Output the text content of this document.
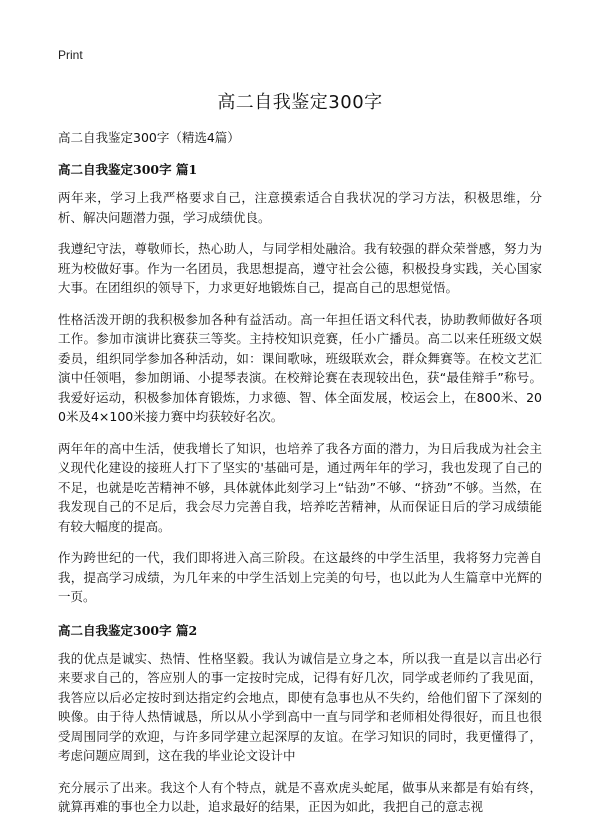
Print

高二自我鉴定300字

高二自我鉴定300字（精选4篇）

高二自我鉴定300字 篇1

两年来，学习上我严格要求自己，注意摸索适合自我状况的学习方法，积极思维，分析、解决问题潜力强，学习成绩优良。

我遵纪守法，尊敬师长，热心助人，与同学相处融洽。我有较强的群众荣誉感，努力为班为校做好事。作为一名团员，我思想提高，遵守社会公德，积极投身实践，关心国家大事。在团组织的领导下，力求更好地锻炼自己，提高自己的思想觉悟。

性格活泼开朗的我积极参加各种有益活动。高一年担任语文科代表，协助教师做好各项工作。参加市演讲比赛获三等奖。主持校知识竞赛，任小广播员。高二以来任班级文娱委员，组织同学参加各种活动，如：课间歌咏，班级联欢会，群众舞赛等。在校文艺汇演中任领唱，参加朗诵、小提琴表演。在校辩论赛在表现较出色，获“最佳辩手”称号。我爱好运动，积极参加体育锻炼，力求德、智、体全面发展，校运会上，在800米、200米及4×100米接力赛中均获较好名次。

两年年的高中生活，使我增长了知识，也培养了我各方面的潜力，为日后我成为社会主义现代化建设的接班人打下了坚实的'基础可是，通过两年年的学习，我也发现了自己的不足，也就是吃苦精神不够，具体就体此刻学习上“钻劲”不够、“挤劲”不够。当然，在我发现自己的不足后，我会尽力完善自我，培养吃苦精神，从而保证日后的学习成绩能有较大幅度的提高。

作为跨世纪的一代，我们即将进入高三阶段。在这最终的中学生活里，我将努力完善自我，提高学习成绩，为几年来的中学生活划上完美的句号，也以此为人生篇章中光辉的一页。

高二自我鉴定300字 篇2

我的优点是诚实、热情、性格坚毅。我认为诚信是立身之本，所以我一直是以言出必行来要求自己的，答应别人的事一定按时完成，记得有好几次，同学或老师约了我见面，我答应以后必定按时到达指定约会地点，即使有急事也从不失约，给他们留下了深刻的映像。由于待人热情诚恳，所以从小学到高中一直与同学和老师相处得很好，而且也很受周围同学的欢迎，与许多同学建立起深厚的友谊。在学习知识的同时，我更懂得了，考虑问题应周到，这在我的毕业论文设计中

充分展示了出来。我这个人有个特点，就是不喜欢虎头蛇尾，做事从来都是有始有终，就算再难的事也全力以赴，追求最好的结果，正因为如此，我把自己的意志视
